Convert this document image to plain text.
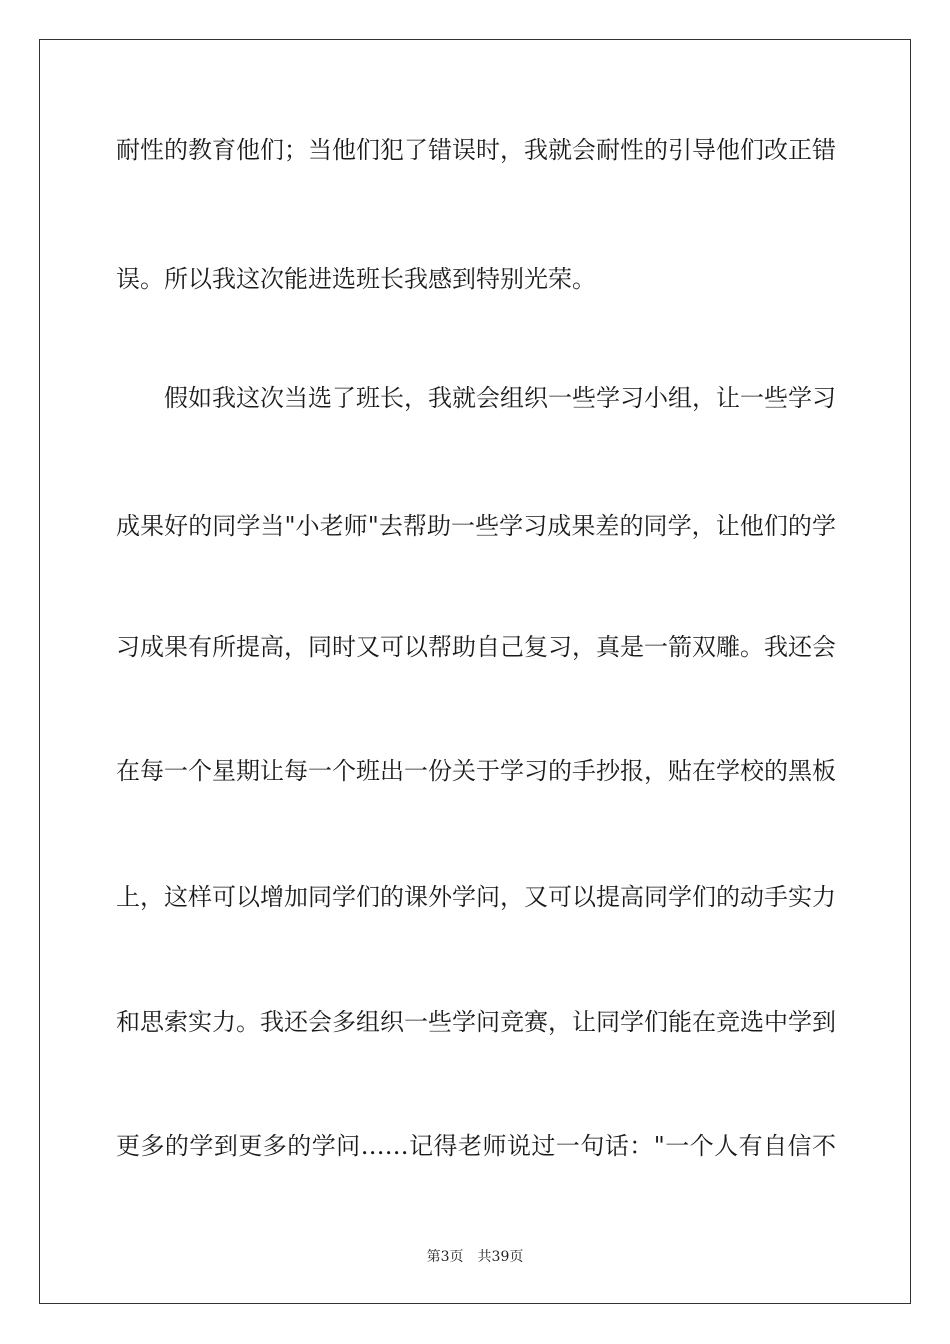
耐性的教育他们；当他们犯了错误时，我就会耐性的引导他们改正错
误。所以我这次能进选班长我感到特别光荣。
假如我这次当选了班长，我就会组织一些学习小组，让一些学习
成果好的同学当"小老师"去帮助一些学习成果差的同学，让他们的学
习成果有所提高，同时又可以帮助自己复习，真是一箭双雕。我还会
在每一个星期让每一个班出一份关于学习的手抄报，贴在学校的黑板
上，这样可以增加同学们的课外学问，又可以提高同学们的动手实力
和思索实力。我还会多组织一些学问竞赛，让同学们能在竞选中学到
更多的学到更多的学问……记得老师说过一句话："一个人有自信不
第3页 共39页
